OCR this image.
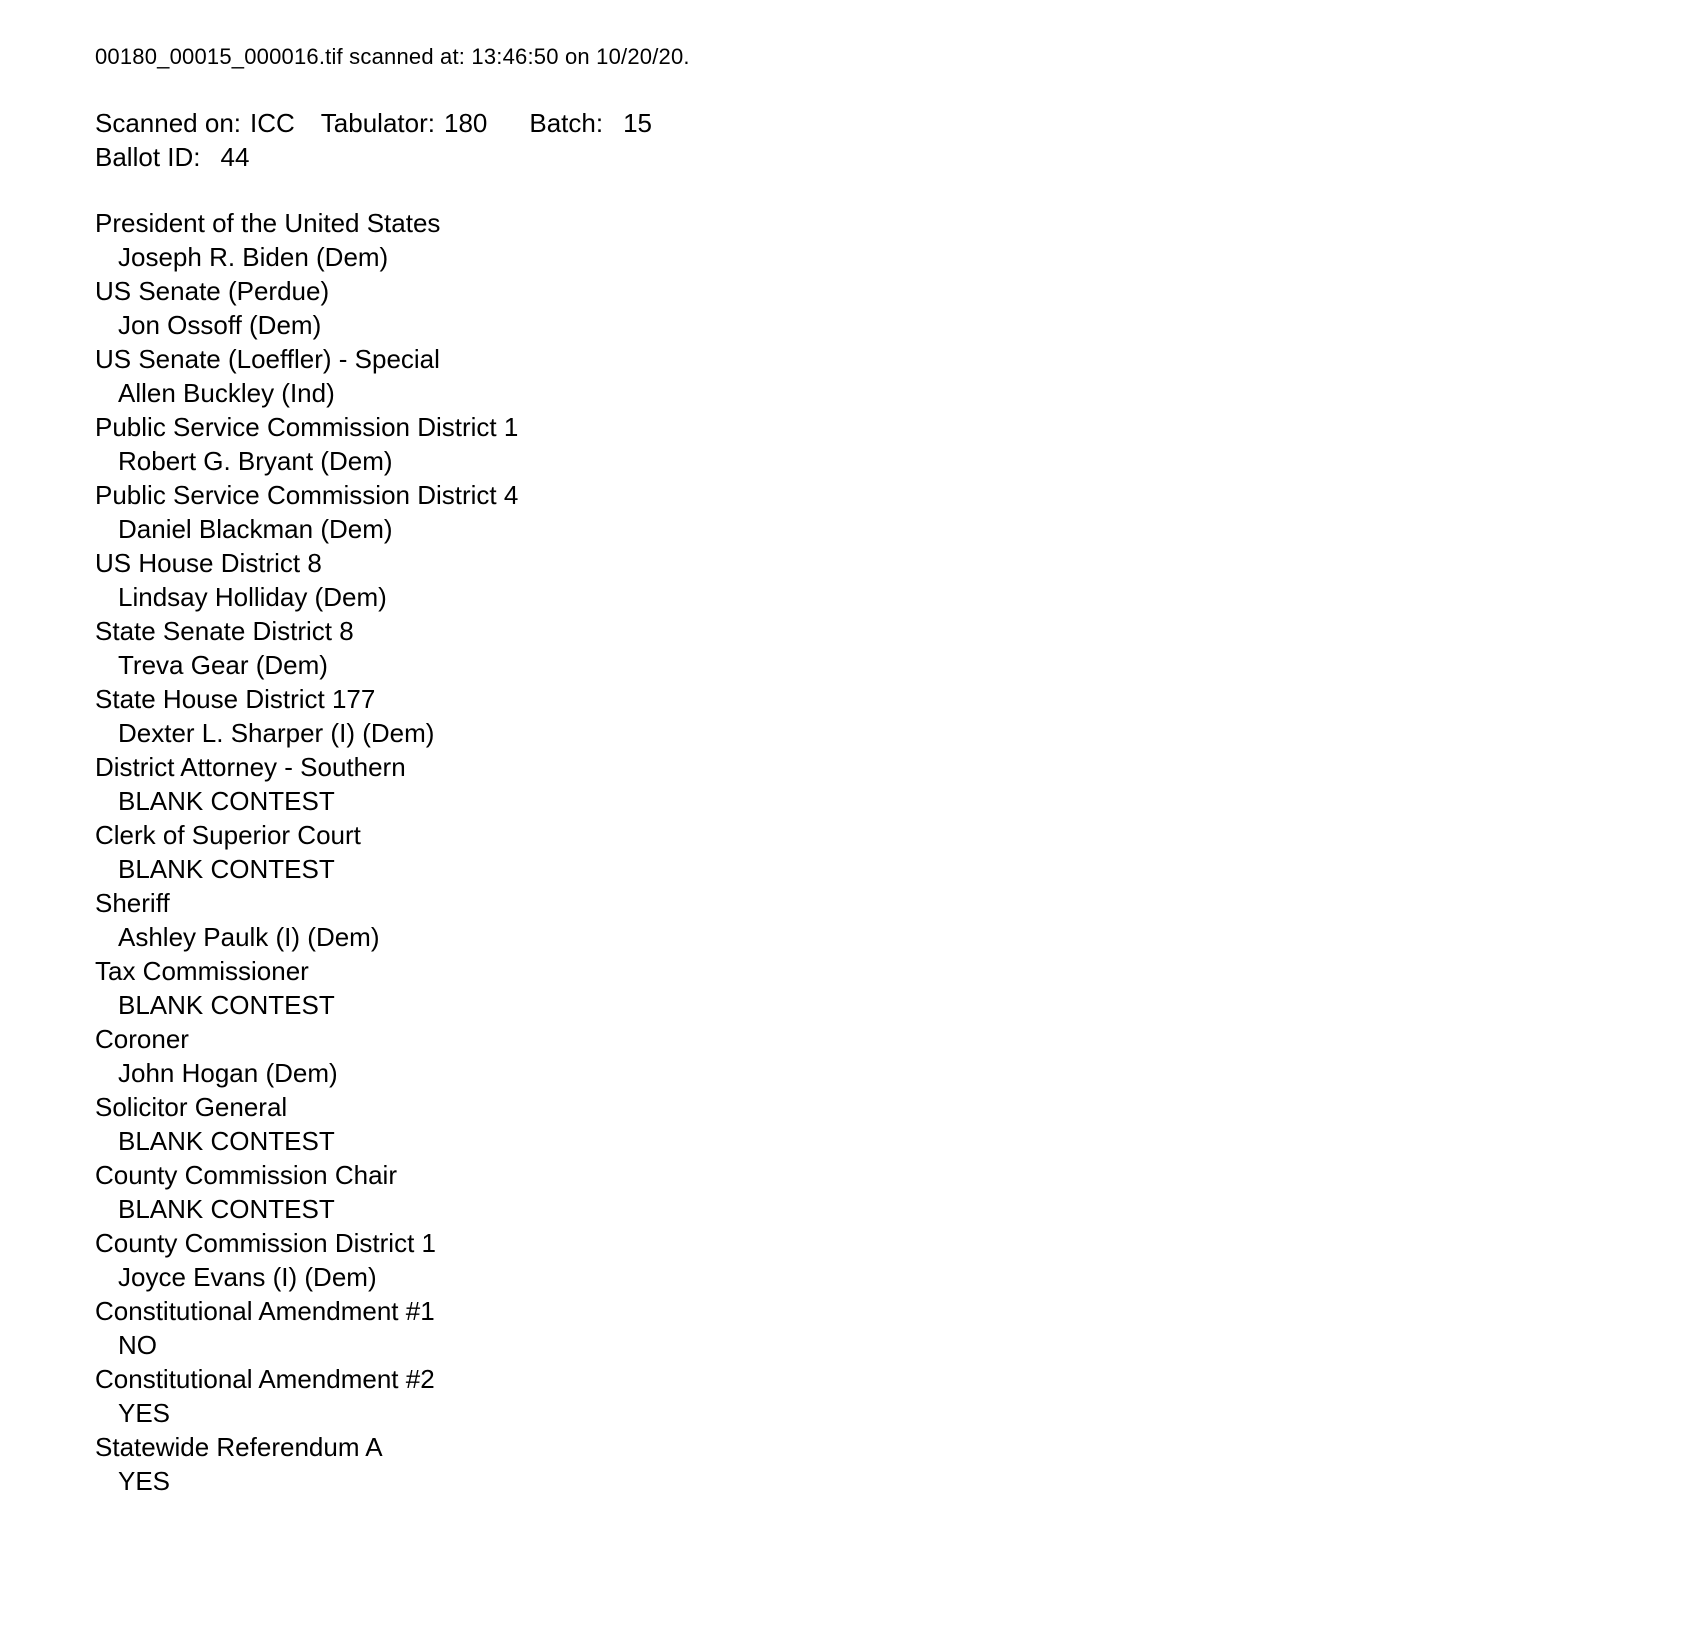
00180_00015_000016.tif scanned at: 13:46:50 on 10/20/20.
Scanned on: ICC Tabulator: 180 Batch: 15
Ballot ID: 44
President of the United States
Joseph R. Biden (Dem)
US Senate (Perdue)
Jon Ossoff (Dem)
US Senate (Loeffler) - Special
Allen Buckley (Ind)
Public Service Commission District 1
Robert G. Bryant (Dem)
Public Service Commission District 4
Daniel Blackman (Dem)
US House District 8
Lindsay Holliday (Dem)
State Senate District 8
Treva Gear (Dem)
State House District 177
Dexter L. Sharper (I) (Dem)
District Attorney - Southern
BLANK CONTEST
Clerk of Superior Court
BLANK CONTEST
Sheriff
Ashley Paulk (I) (Dem)
Tax Commissioner
BLANK CONTEST
Coroner
John Hogan (Dem)
Solicitor General
BLANK CONTEST
County Commission Chair
BLANK CONTEST
County Commission District 1
Joyce Evans (I) (Dem)
Constitutional Amendment #1
NO
Constitutional Amendment #2
YES
Statewide Referendum A
YES
